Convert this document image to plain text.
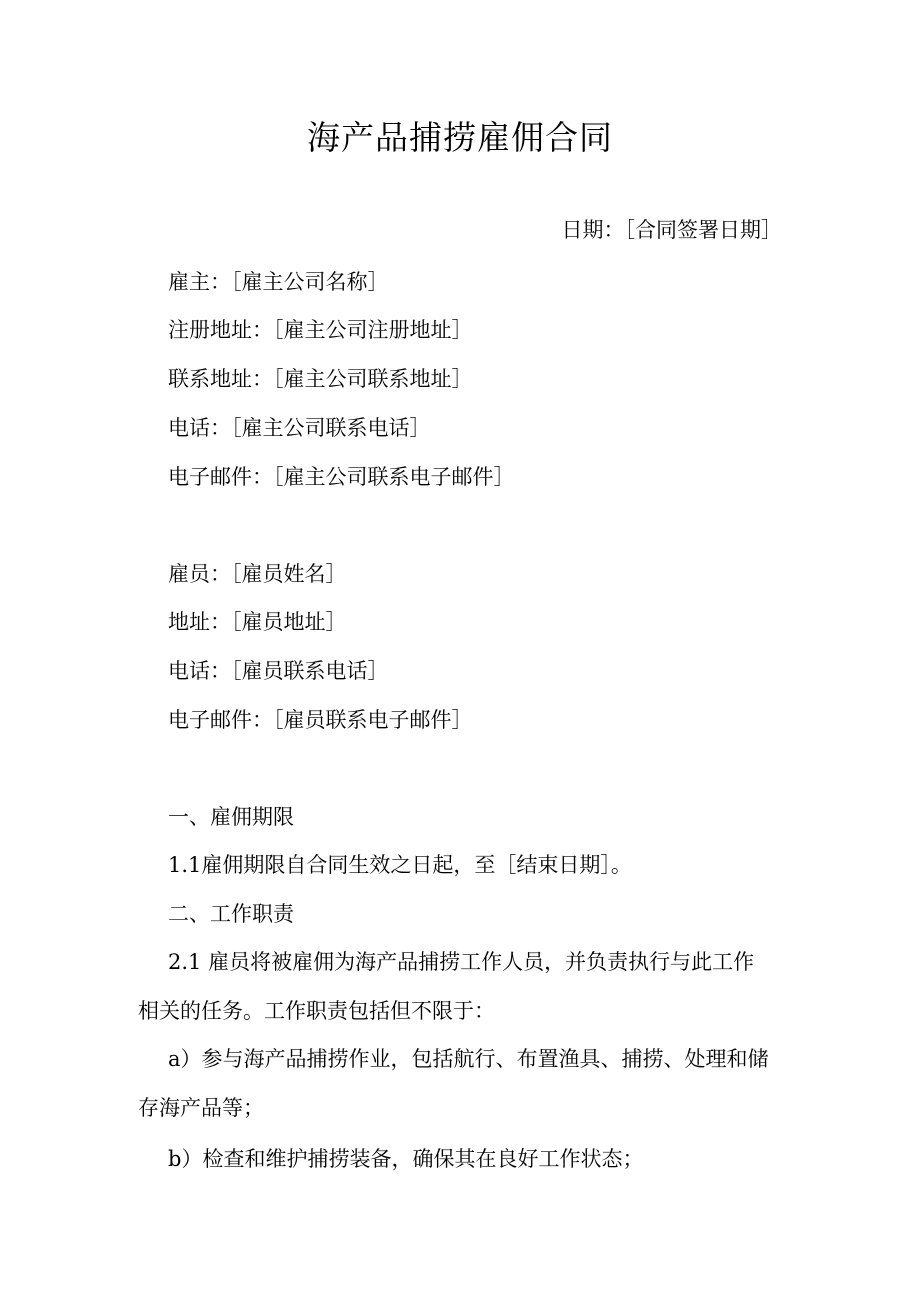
海产品捕捞雇佣合同
日期：［合同签署日期］
雇主：［雇主公司名称］
注册地址：［雇主公司注册地址］
联系地址：［雇主公司联系地址］
电话：［雇主公司联系电话］
电子邮件：［雇主公司联系电子邮件］
雇员：［雇员姓名］
地址：［雇员地址］
电话：［雇员联系电话］
电子邮件：［雇员联系电子邮件］
一、雇佣期限
1.1雇佣期限自合同生效之日起，至［结束日期］。
二、工作职责
2.1 雇员将被雇佣为海产品捕捞工作人员，并负责执行与此工作
相关的任务。工作职责包括但不限于：
a）参与海产品捕捞作业，包括航行、布置渔具、捕捞、处理和储
存海产品等；
b）检查和维护捕捞装备，确保其在良好工作状态；
